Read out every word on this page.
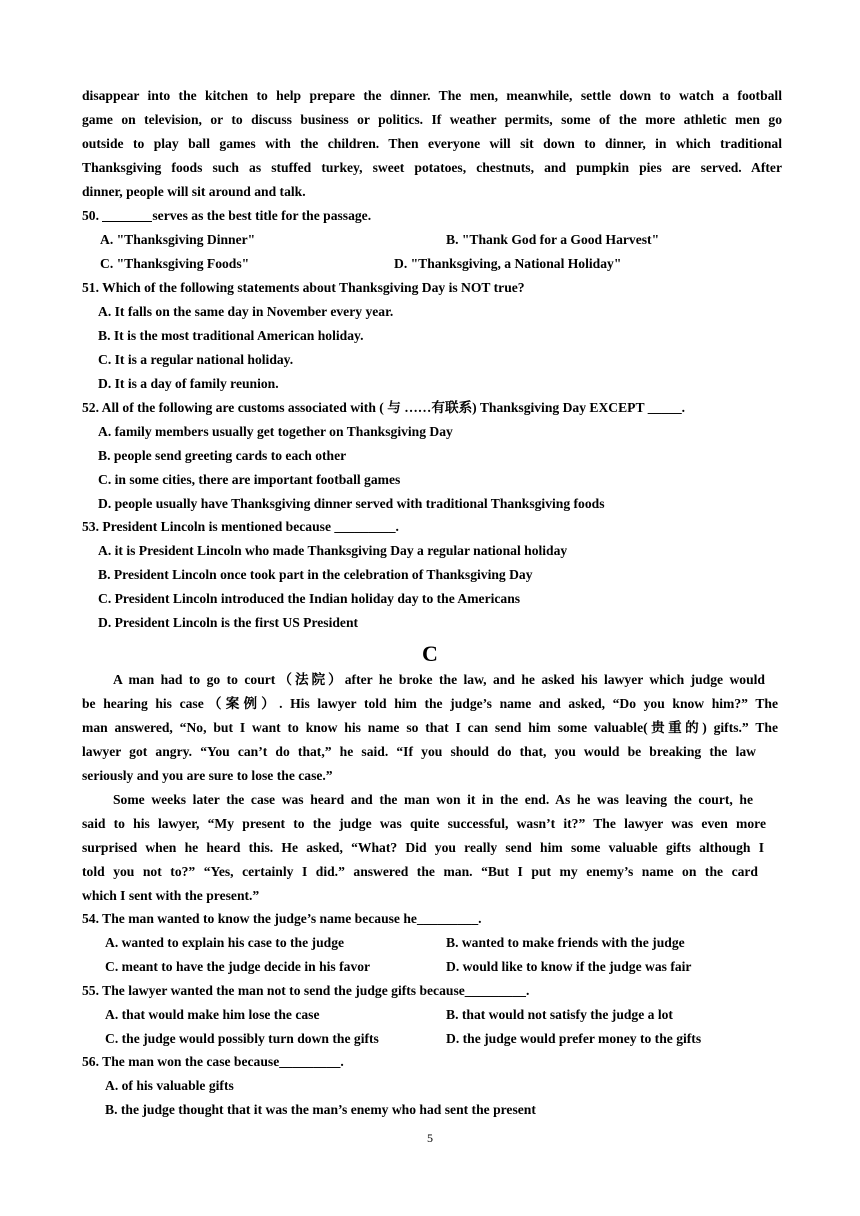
disappear into the kitchen to help prepare the dinner. The men, meanwhile, settle down to watch a football

game on television, or to discuss business or politics. If weather permits, some of the more athletic men go

outside to play ball games with the children. Then everyone will sit down to dinner, in which traditional

Thanksgiving foods such as stuffed turkey, sweet potatoes, chestnuts, and pumpkin pies are served. After

dinner, people will sit around and talk.

50.	serves as the best title for the passage.

A. "Thanksgiving Dinner"	B. "Thank God for a Good Harvest"

C. "Thanksgiving Foods"	D. "Thanksgiving, a National Holiday"

51. Which of the following statements about Thanksgiving Day is NOT true?

A. It falls on the same day in November every year.

B. It is the most traditional American holiday.

C. It is a regular national holiday.

D. It is a day of family reunion.

52. All of the following are customs associated with ( 与 ……有联系) Thanksgiving Day EXCEPT _____.

A. family members usually get together on Thanksgiving Day

B. people send greeting cards to each other

C. in some cities, there are important football games

D. people usually have Thanksgiving dinner served with traditional Thanksgiving foods

53. President Lincoln is mentioned because _________.

A. it is President Lincoln who made Thanksgiving Day a regular national holiday

B. President Lincoln once took part in the celebration of Thanksgiving Day

C. President Lincoln introduced the Indian holiday day to the Americans

D. President Lincoln is the first US President

C

A man had to go to court（法院）after he broke the law, and he asked his lawyer which judge would

be hearing his case（案例）. His lawyer told him the judge’s name and asked, “Do you know him?” The

man answered, “No, but I want to know his name so that I can send him some valuable(贵重的) gifts.” The

lawyer got angry. “You can’t do that,” he said. “If you should do that, you would be breaking the law

seriously and you are sure to lose the case.”

Some weeks later the case was heard and the man won it in the end. As he was leaving the court, he

said to his lawyer, “My present to the judge was quite successful, wasn’t it?” The lawyer was even more

surprised when he heard this. He asked, “What? Did you really send him some valuable gifts although I

told you not to?” “Yes, certainly I did.” answered the man. “But I put my enemy’s name on the card

which I sent with the present.”

54. The man wanted to know the judge’s name because he_________.

A. wanted to explain his case to the judge	B. wanted to make friends with the judge

C. meant to have the judge decide in his favor	D. would like to know if the judge was fair

55. The lawyer wanted the man not to send the judge gifts because_________.

A. that would make him lose the case	B. that would not satisfy the judge a lot

C. the judge would possibly turn down the gifts	D. the judge would prefer money to the gifts

56. The man won the case because_________.

A. of his valuable gifts

B. the judge thought that it was the man’s enemy who had sent the present

5
